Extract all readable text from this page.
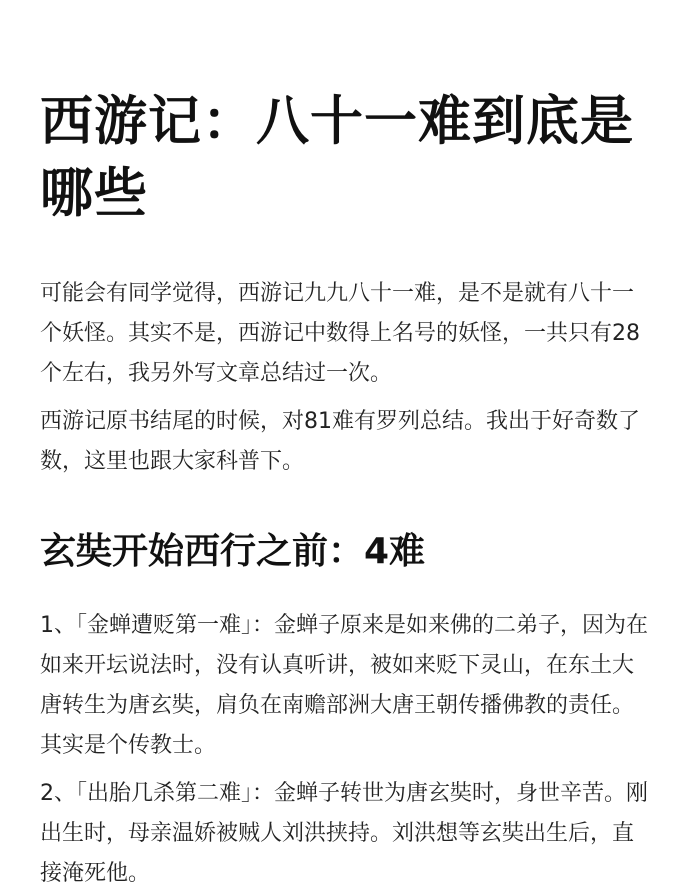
西游记：八十一难到底是哪些

可能会有同学觉得，西游记九九八十一难，是不是就有八十一个妖怪。其实不是，西游记中数得上名号的妖怪，一共只有28个左右，我另外写文章总结过一次。

西游记原书结尾的时候，对81难有罗列总结。我出于好奇数了数，这里也跟大家科普下。

玄奘开始西行之前：4难

1、「金蝉遭贬第一难」：金蝉子原来是如来佛的二弟子，因为在如来开坛说法时，没有认真听讲，被如来贬下灵山，在东土大唐转生为唐玄奘，肩负在南赡部洲大唐王朝传播佛教的责任。其实是个传教士。

2、「出胎几杀第二难」：金蝉子转世为唐玄奘时，身世辛苦。刚出生时，母亲温娇被贼人刘洪挟持。刘洪想等玄奘出生后，直接淹死他。
